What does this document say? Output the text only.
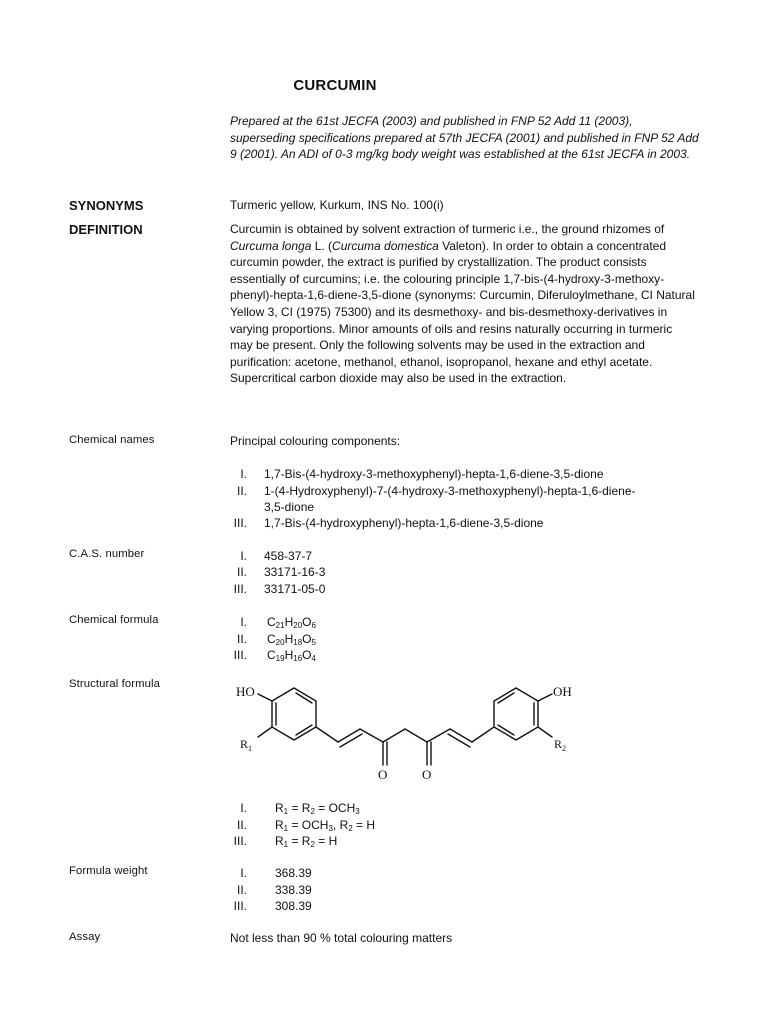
CURCUMIN
Prepared at the 61st JECFA (2003) and published in FNP 52 Add 11 (2003), superseding specifications prepared at 57th JECFA (2001) and published in FNP 52 Add 9 (2001). An ADI of 0-3 mg/kg body weight was established at the 61st JECFA in 2003.
SYNONYMS	Turmeric yellow, Kurkum, INS No. 100(i)
DEFINITION	Curcumin is obtained by solvent extraction of turmeric i.e., the ground rhizomes of Curcuma longa L. (Curcuma domestica Valeton). In order to obtain a concentrated curcumin powder, the extract is purified by crystallization. The product consists essentially of curcumins; i.e. the colouring principle 1,7-bis-(4-hydroxy-3-methoxy-phenyl)-hepta-1,6-diene-3,5-dione (synonyms: Curcumin, Diferuloylmethane, CI Natural Yellow 3, CI (1975) 75300) and its desmethoxy- and bis-desmethoxy-derivatives in varying proportions. Minor amounts of oils and resins naturally occurring in turmeric may be present. Only the following solvents may be used in the extraction and purification: acetone, methanol, ethanol, isopropanol, hexane and ethyl acetate. Supercritical carbon dioxide may also be used in the extraction.

Chemical names	Principal colouring components:
I. 1,7-Bis-(4-hydroxy-3-methoxyphenyl)-hepta-1,6-diene-3,5-dione
II. 1-(4-Hydroxyphenyl)-7-(4-hydroxy-3-methoxyphenyl)-hepta-1,6-diene-
3,5-dione
III. 1,7-Bis-(4-hydroxyphenyl)-hepta-1,6-diene-3,5-dione
C.A.S. number	I. 458-37-7
II. 33171-16-3
III. 33171-05-0
Chemical formula	I. $C_{21}H_{20}O_6$
II. $C_{20}H_{18}O_5$
III. $C_{19}H_{16}O_4$
Structural formula	HO	OH
$R_1$	$R_2$
O	O
I. $R_1 = R_2 = OCH_3$
II. $R_1 = OCH_3$, $R_2 = H$
III. $R_1 = R_2 = H$
Formula weight	I. 368.39
II. 338.39
III. 308.39
Assay	Not less than 90 % total colouring matters
